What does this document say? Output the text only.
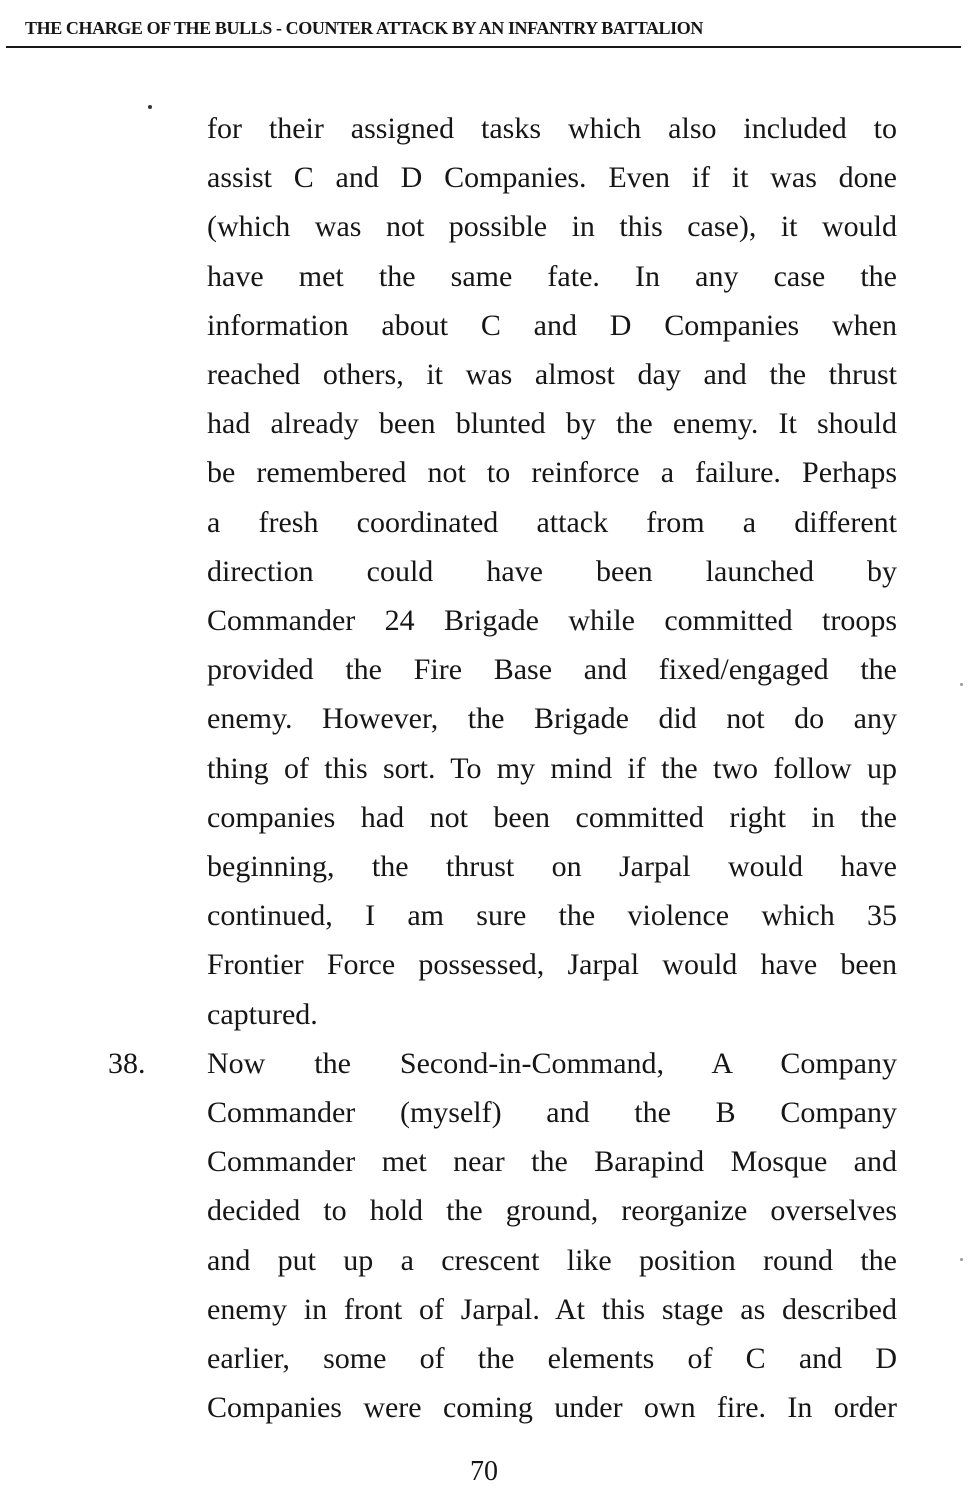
THE CHARGE OF THE BULLS - COUNTER ATTACK BY AN INFANTRY BATTALION
for their assigned tasks which also included to
assist C and D Companies. Even if it was done
(which was not possible in this case), it would
have met the same fate. In any case the
information about C and D Companies when
reached others, it was almost day and the thrust
had already been blunted by the enemy. It should
be remembered not to reinforce a failure. Perhaps
a fresh coordinated attack from a different
direction could have been launched by
Commander 24 Brigade while committed troops
provided the Fire Base and fixed/engaged the
enemy. However, the Brigade did not do any
thing of this sort. To my mind if the two follow up
companies had not been committed right in the
beginning, the thrust on Jarpal would have
continued, I am sure the violence which 35
Frontier Force possessed, Jarpal would have been
captured.
38. Now the Second-in-Command, A Company
Commander (myself) and the B Company
Commander met near the Barapind Mosque and
decided to hold the ground, reorganize overselves
and put up a crescent like position round the
enemy in front of Jarpal. At this stage as described
earlier, some of the elements of C and D
Companies were coming under own fire. In order
70
